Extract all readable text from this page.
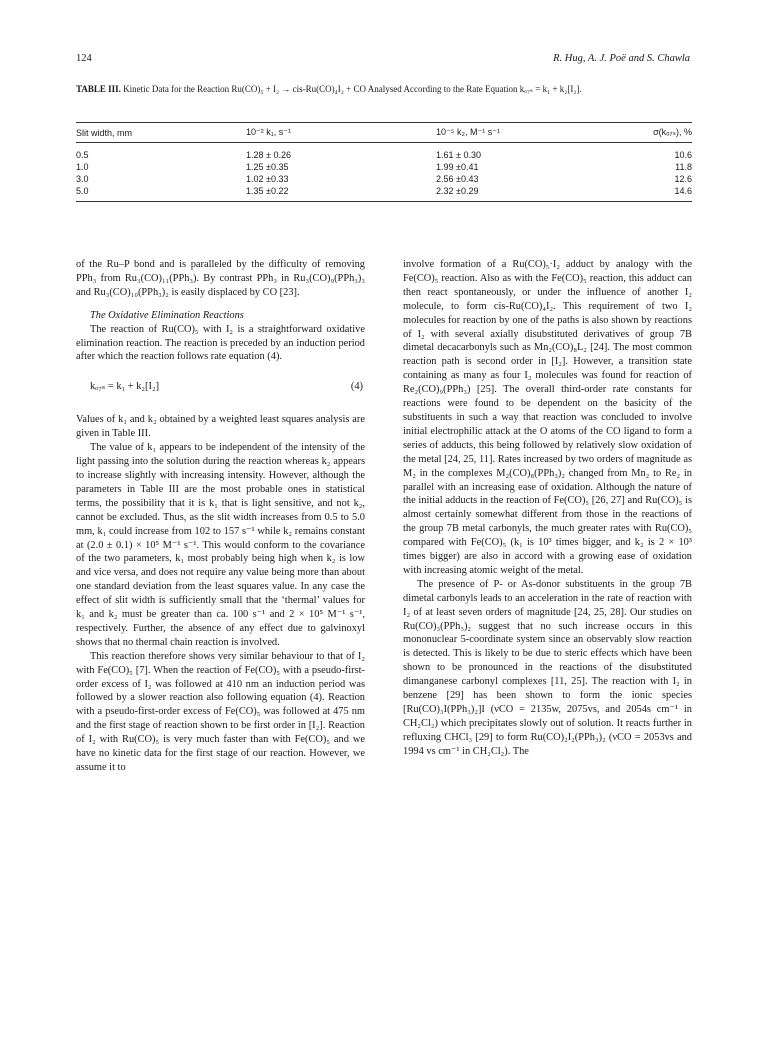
124	R. Hug, A. J. Poë and S. Chawla
TABLE III. Kinetic Data for the Reaction Ru(CO)₅ + I₂ → cis-Ru(CO)₄I₂ + CO Analysed According to the Rate Equation kₒ₇ₛ = k₁ + k₂[I₂].
Slit width, mm	10⁻² k₁, s⁻¹	10⁻⁵ k₂, M⁻¹ s⁻¹	σ(kₒ₇ₛ), %
0.5	1.28 ± 0.26	1.61 ± 0.30	10.6
1.0	1.25 ±0.35	1.99 ±0.41	11.8
3.0	1.02 ±0.33	2.56 ±0.43	12.6
5.0	1.35 ±0.22	2.32 ±0.29	14.6

of the Ru–P bond and is paralleled by the difficulty of removing PPh₃ from Ru₃(CO)₁₁(PPh₃). By contrast PPh₃ in Ru₃(CO)₉(PPh₃)₃ and Ru₃(CO)₁₀(PPh₃)₂ is easily displaced by CO [23].

The Oxidative Elimination Reactions

The reaction of Ru(CO)₅ with I₂ is a straightforward oxidative elimination reaction. The reaction is preceded by an induction period after which the reaction follows rate equation (4).

kₒ₇ₛ = k₁ + k₂[I₂]	(4)

Values of k₁ and k₂ obtained by a weighted least squares analysis are given in Table III.

The value of k₁ appears to be independent of the intensity of the light passing into the solution during the reaction whereas k₂ appears to increase slightly with increasing intensity. However, although the parameters in Table III are the most probable ones in statistical terms, the possibility that it is k₁ that is light sensitive, and not k₂, cannot be excluded. Thus, as the slit width increases from 0.5 to 5.0 mm, k₁ could increase from 102 to 157 s⁻¹ while k₂ remains constant at (2.0 ± 0.1) × 10⁵ M⁻¹ s⁻¹. This would conform to the covariance of the two parameters, k₁ most probably being high when k₂ is low and vice versa, and does not require any value being more than about one standard deviation from the least squares value. In any case the effect of slit width is sufficiently small that the ‘thermal’ values for k₁ and k₂ must be greater than ca. 100 s⁻¹ and 2 × 10⁵ M⁻¹ s⁻¹, respectively. Further, the absence of any effect due to galvinoxyl shows that no thermal chain reaction is involved.

This reaction therefore shows very similar behaviour to that of I₂ with Fe(CO)₅ [7]. When the reaction of Fe(CO)₅ with a pseudo-first-order excess of I₂ was followed at 410 nm an induction period was followed by a slower reaction also following equation (4). Reaction with a pseudo-first-order excess of Fe(CO)₅ was followed at 475 nm and the first stage of reaction shown to be first order in [I₂]. Reaction of I₂ with Ru(CO)₅ is very much faster than with Fe(CO)₅ and we have no kinetic data for the first stage of our reaction. However, we assume it to

involve formation of a Ru(CO)₅·I₂ adduct by analogy with the Fe(CO)₅ reaction. Also as with the Fe(CO)₅ reaction, this adduct can then react spontaneously, or under the influence of another I₂ molecule, to form cis-Ru(CO)₄I₂. This requirement of two I₂ molecules for reaction by one of the paths is also shown by reactions of I₂ with several axially disubstituted derivatives of group 7B dimetal decacarbonyls such as Mn₂(CO)₈L₂ [24]. The most common reaction path is second order in [I₂]. However, a transition state containing as many as four I₂ molecules was found for reaction of Re₂(CO)₉(PPh₃) [25]. The overall third-order rate constants for reactions were found to be dependent on the basicity of the substituents in such a way that reaction was concluded to involve initial electrophilic attack at the O atoms of the CO ligand to form a series of adducts, this being followed by relatively slow oxidation of the metal [24, 25, 11]. Rates increased by two orders of magnitude as M₂ in the complexes M₂(CO)₈(PPh₃)₂ changed from Mn₂ to Re₂ in parallel with an increasing ease of oxidation. Although the nature of the initial adducts in the reaction of Fe(CO)₅ [26, 27] and Ru(CO)₅ is almost certainly somewhat different from those in the reactions of the group 7B metal carbonyls, the much greater rates with Ru(CO)₅ compared with Fe(CO)₅ (k₁ is 10³ times bigger, and k₂ is 2 × 10³ times bigger) are also in accord with a growing ease of oxidation with increasing atomic weight of the metal.

The presence of P- or As-donor substituents in the group 7B dimetal carbonyls leads to an acceleration in the rate of reaction with I₂ of at least seven orders of magnitude [24, 25, 28]. Our studies on Ru(CO)₃(PPh₃)₂ suggest that no such increase occurs in this mononuclear 5-coordinate system since an observably slow reaction is detected. This is likely to be due to steric effects which have been shown to be pronounced in the reactions of the disubstituted dimanganese carbonyl complexes [11, 25]. The reaction with I₂ in benzene [29] has been shown to form the ionic species [Ru(CO)₃I(PPh₃)₂]I (νCO = 2135w, 2075vs, and 2054s cm⁻¹ in CH₂Cl₂) which precipitates slowly out of solution. It reacts further in refluxing CHCl₃ [29] to form Ru(CO)₂I₂(PPh₃)₂ (νCO = 2053vs and 1994 vs cm⁻¹ in CH₂Cl₂). The
